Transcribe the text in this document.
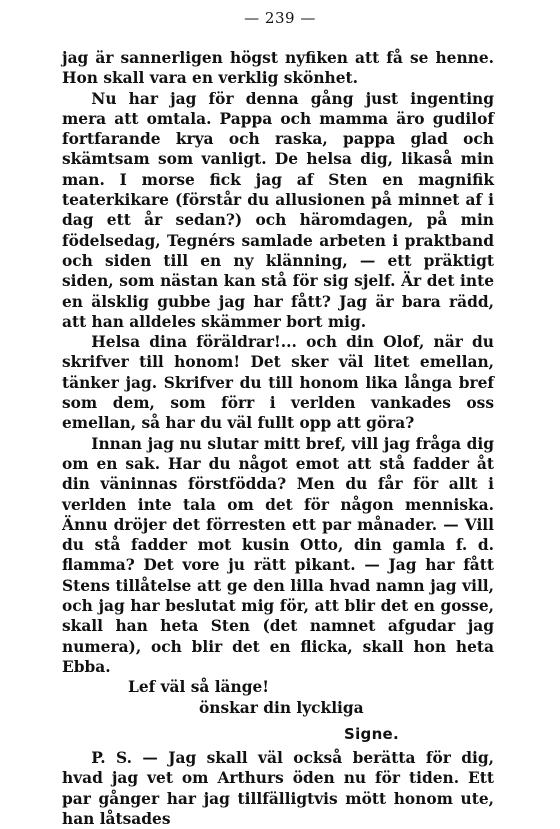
— 239 —

jag är sannerligen högst nyfiken att få se henne. Hon skall vara en verklig skönhet.

Nu har jag för denna gång just ingenting mera att omtala. Pappa och mamma äro gudilof fortfarande krya och raska, pappa glad och skämtsam som vanligt. De helsa dig, likaså min man. I morse fick jag af Sten en magnifik teaterkikare (förstår du allusionen på minnet af i dag ett år sedan?) och häromdagen, på min födelsedag, Tegnérs samlade arbeten i praktband och siden till en ny klänning, — ett präktigt siden, som nästan kan stå för sig sjelf. Är det inte en älsklig gubbe jag har fått? Jag är bara rädd, att han alldeles skämmer bort mig.

Helsa dina föräldrar!... och din Olof, när du skrifver till honom! Det sker väl litet emellan, tänker jag. Skrifver du till honom lika långa bref som dem, som förr i verlden vankades oss emellan, så har du väl fullt opp att göra?

Innan jag nu slutar mitt bref, vill jag fråga dig om en sak. Har du något emot att stå fadder åt din väninnas förstfödda? Men du får för allt i verlden inte tala om det för någon menniska. Ännu dröjer det förresten ett par månader. — Vill du stå fadder mot kusin Otto, din gamla f. d. flamma? Det vore ju rätt pikant. — Jag har fått Stens tillåtelse att ge den lilla hvad namn jag vill, och jag har beslutat mig för, att blir det en gosse, skall han heta Sten (det namnet afgudar jag numera), och blir det en flicka, skall hon heta Ebba.

Lef väl så länge!

önskar din lyckliga

Signe.

P. S. — Jag skall väl också berätta för dig, hvad jag vet om Arthurs öden nu för tiden. Ett par gånger har jag tillfälligtvis mött honom ute, han låtsades
